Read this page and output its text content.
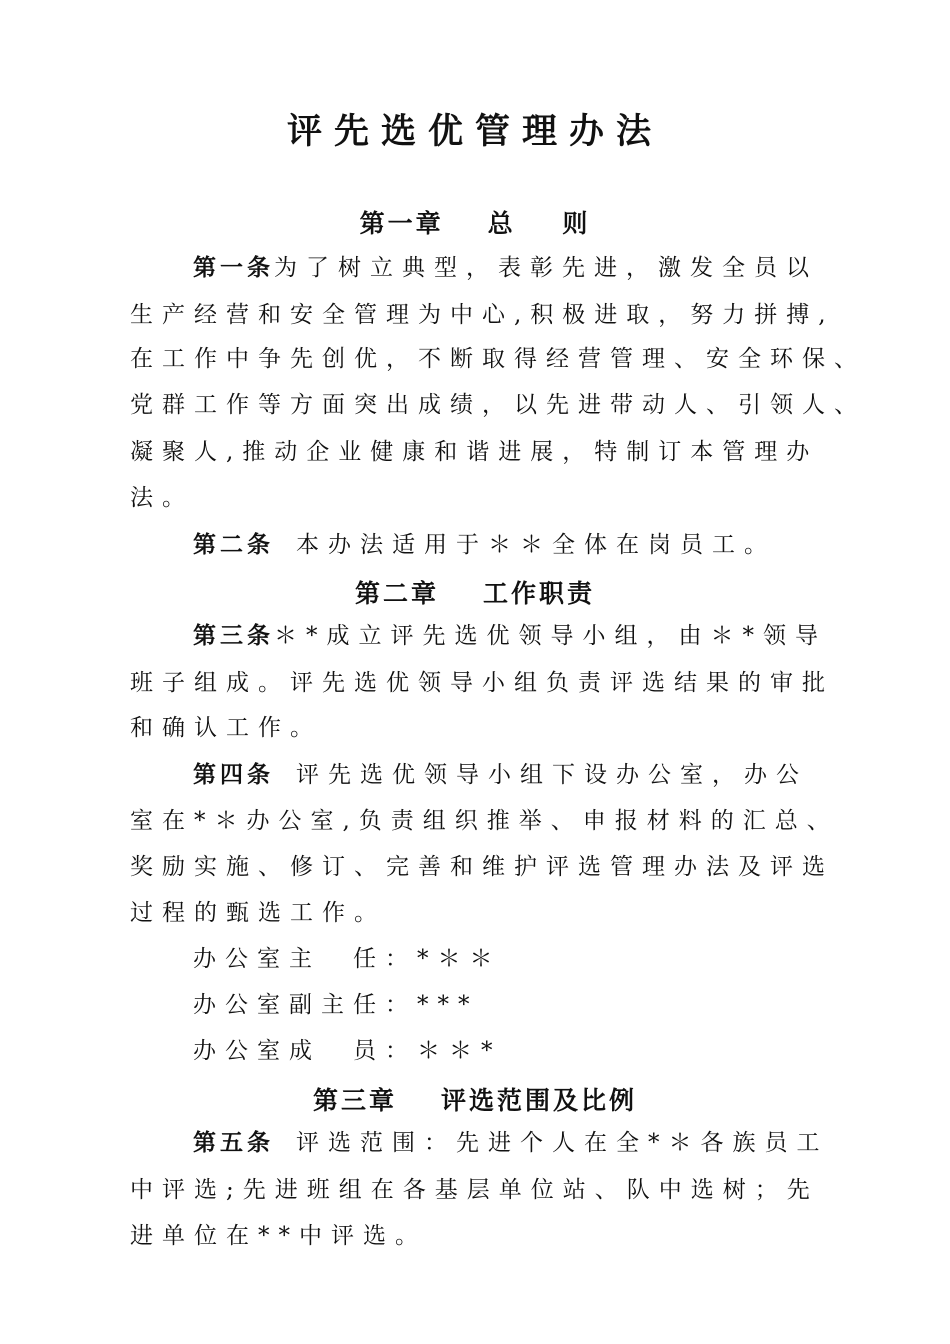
评先选优管理办法
第一章 总    则
第一条为了树立典型，表彰先进，激发全员以
生产经营和安全管理为中心,积极进取，努力拼搏,
在工作中争先创优，不断取得经营管理、安全环保、
党群工作等方面突出成绩，以先进带动人、引领人、
凝聚人,推动企业健康和谐进展，特制订本管理办
法。
第二条 本办法适用于＊＊全体在岗员工。
第二章 工作职责
第三条＊*成立评先选优领导小组，由＊*领导
班子组成。评先选优领导小组负责评选结果的审批
和确认工作。
第四条 评先选优领导小组下设办公室，办公
室在*＊办公室,负责组织推举、申报材料的汇总、
奖励实施、修订、完善和维护评选管理办法及评选
过程的甄选工作。
办公室主　任：*＊＊
办公室副主任：***
办公室成　员：＊＊*
第三章 评选范围及比例
第五条 评选范围：先进个人在全*＊各族员工
中评选;先进班组在各基层单位站、队中选树；先
进单位在**中评选。
